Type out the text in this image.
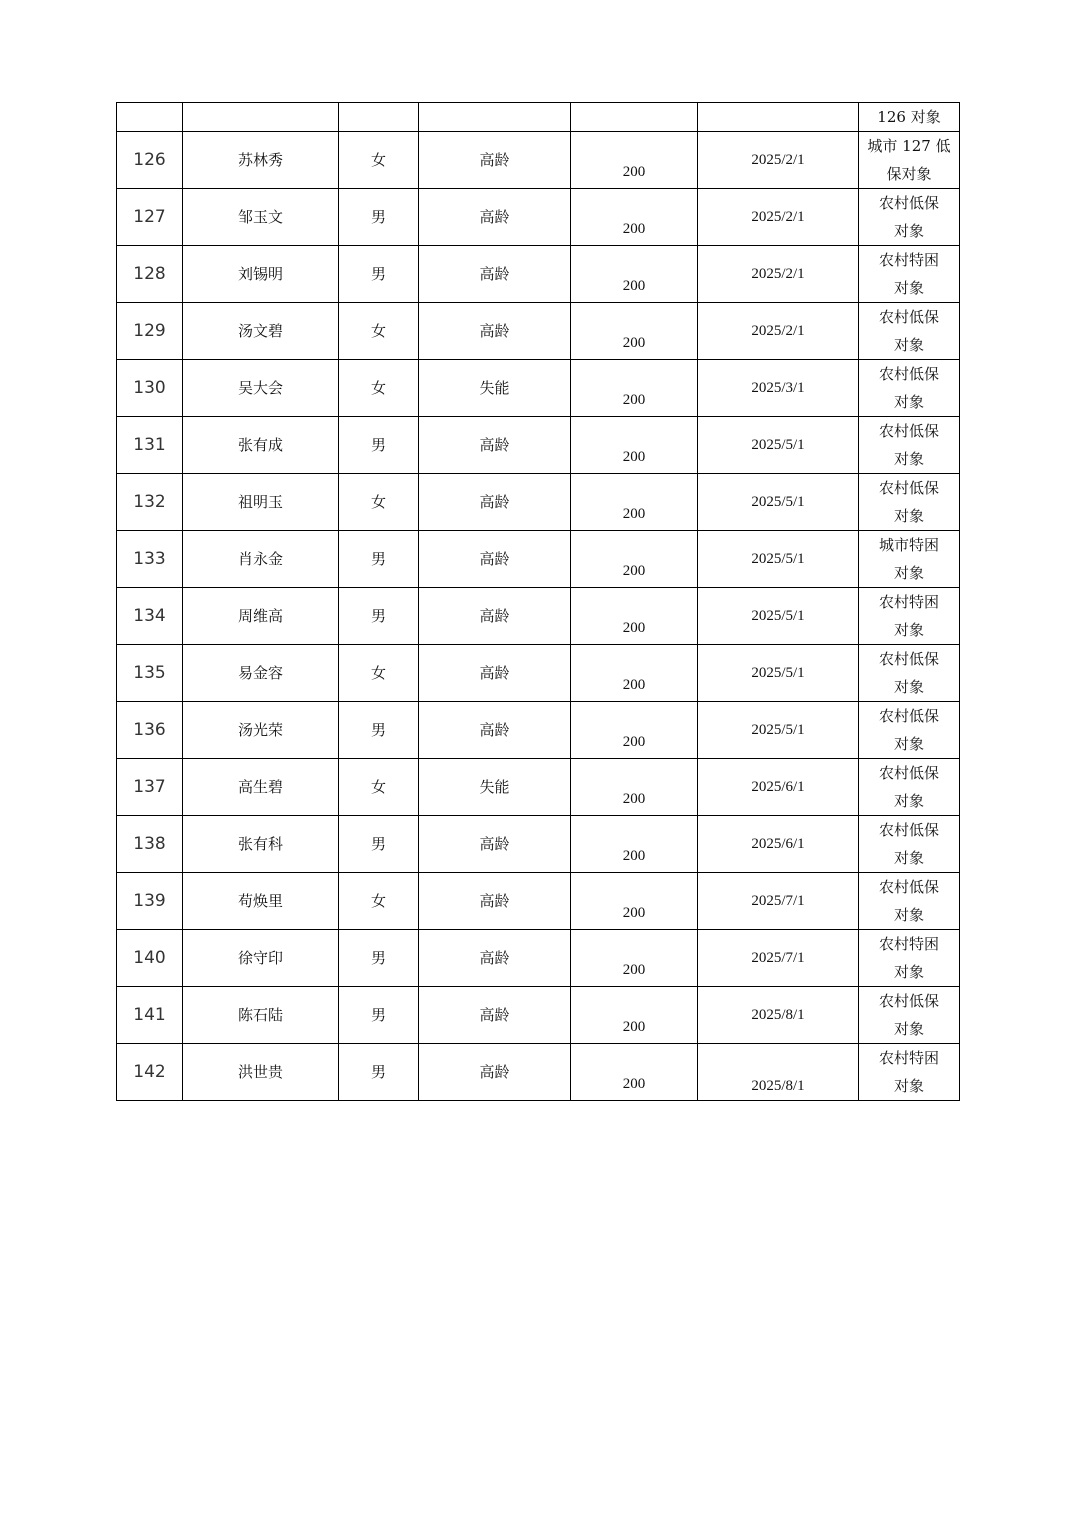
						126 对象

126	苏林秀	女	高龄	200	2025/2/1	城市 127 低
保对象

127	邹玉文	男	高龄	200	2025/2/1	农村低保
对象

128	刘锡明	男	高龄	200	2025/2/1	农村特困
对象

129	汤文碧	女	高龄	200	2025/2/1	农村低保
对象

130	吴大会	女	失能	200	2025/3/1	农村低保
对象

131	张有成	男	高龄	200	2025/5/1	农村低保
对象

132	祖明玉	女	高龄	200	2025/5/1	农村低保
对象

133	肖永金	男	高龄	200	2025/5/1	城市特困
对象

134	周维高	男	高龄	200	2025/5/1	农村特困
对象

135	易金容	女	高龄	200	2025/5/1	农村低保
对象

136	汤光荣	男	高龄	200	2025/5/1	农村低保
对象

137	高生碧	女	失能	200	2025/6/1	农村低保
对象

138	张有科	男	高龄	200	2025/6/1	农村低保
对象

139	苟焕里	女	高龄	200	2025/7/1	农村低保
对象

140	徐守印	男	高龄	200	2025/7/1	农村特困
对象

141	陈石陆	男	高龄	200	2025/8/1	农村低保
对象

142	洪世贵	男	高龄	200	2025/8/1	农村特困
对象
